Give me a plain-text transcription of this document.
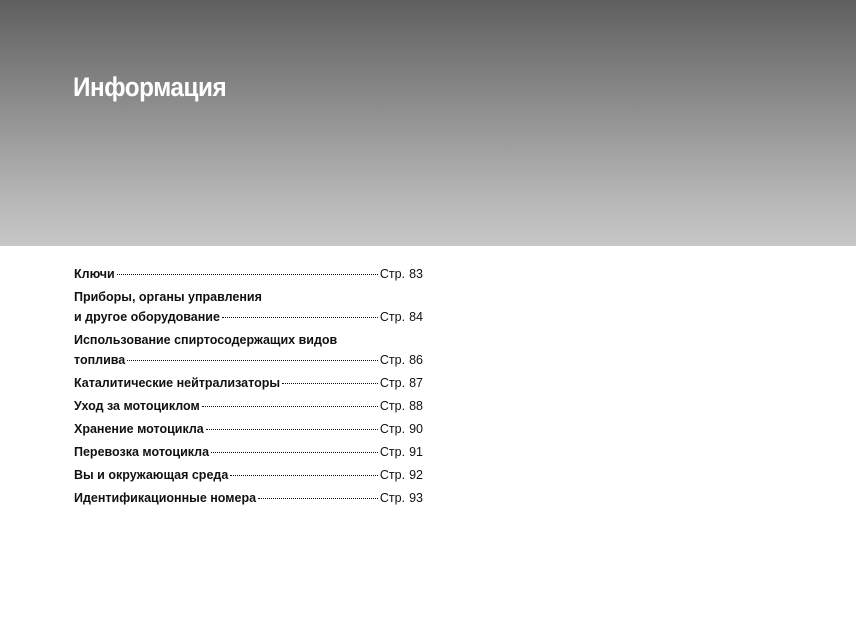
Информация
Ключи	Стр. 83
Приборы, органы управления
и другое оборудование	Стр. 84
Использование спиртосодержащих видов
топлива	Стр. 86
Каталитические нейтрализаторы	Стр. 87
Уход за мотоциклом	Стр. 88
Хранение мотоцикла	Стр. 90
Перевозка мотоцикла	Стр. 91
Вы и окружающая среда	Стр. 92
Идентификационные номера	Стр. 93
